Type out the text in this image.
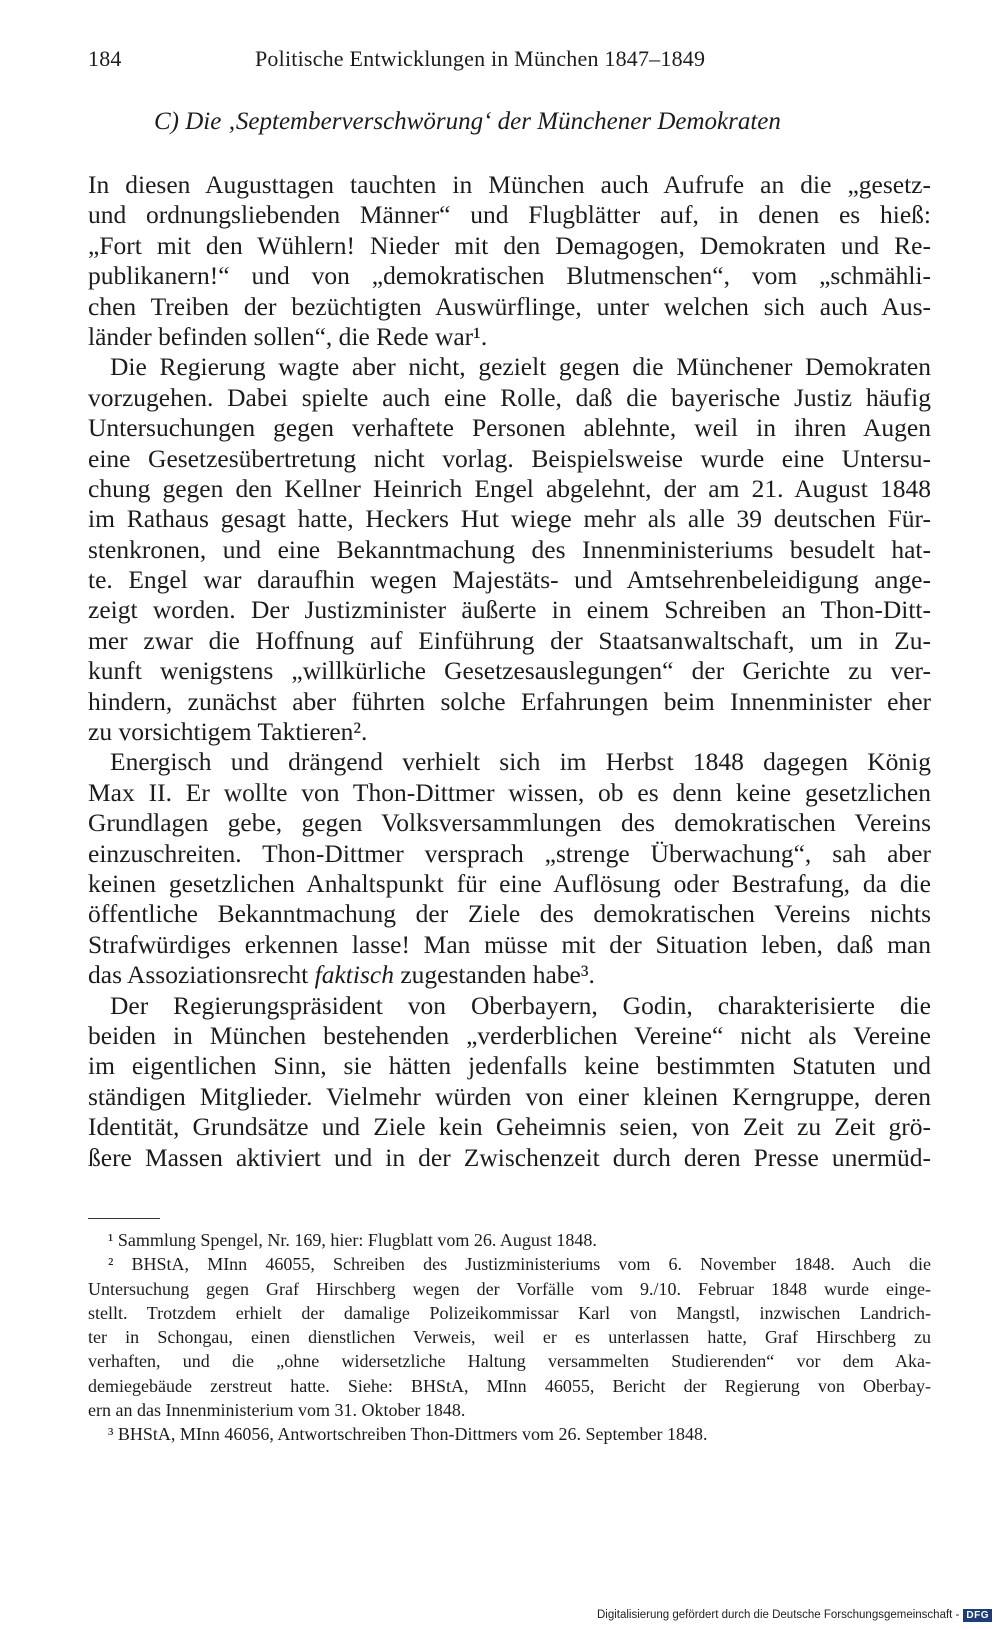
184	Politische Entwicklungen in München 1847–1849
C) Die ‚Septemberverschwörung‘ der Münchener Demokraten
In diesen Augusttagen tauchten in München auch Aufrufe an die „gesetz-
und ordnungsliebenden Männer“ und Flugblätter auf, in denen es hieß:
„Fort mit den Wühlern! Nieder mit den Demagogen, Demokraten und Re-
publikanern!“ und von „demokratischen Blutmenschen“, vom „schmähli-
chen Treiben der bezüchtigten Auswürflinge, unter welchen sich auch Aus-
länder befinden sollen“, die Rede war¹.
Die Regierung wagte aber nicht, gezielt gegen die Münchener Demokraten
vorzugehen. Dabei spielte auch eine Rolle, daß die bayerische Justiz häufig
Untersuchungen gegen verhaftete Personen ablehnte, weil in ihren Augen
eine Gesetzesübertretung nicht vorlag. Beispielsweise wurde eine Untersu-
chung gegen den Kellner Heinrich Engel abgelehnt, der am 21. August 1848
im Rathaus gesagt hatte, Heckers Hut wiege mehr als alle 39 deutschen Für-
stenkronen, und eine Bekanntmachung des Innenministeriums besudelt hat-
te. Engel war daraufhin wegen Majestäts- und Amtsehrenbeleidigung ange-
zeigt worden. Der Justizminister äußerte in einem Schreiben an Thon-Ditt-
mer zwar die Hoffnung auf Einführung der Staatsanwaltschaft, um in Zu-
kunft wenigstens „willkürliche Gesetzesauslegungen“ der Gerichte zu ver-
hindern, zunächst aber führten solche Erfahrungen beim Innenminister eher
zu vorsichtigem Taktieren².
Energisch und drängend verhielt sich im Herbst 1848 dagegen König
Max II. Er wollte von Thon-Dittmer wissen, ob es denn keine gesetzlichen
Grundlagen gebe, gegen Volksversammlungen des demokratischen Vereins
einzuschreiten. Thon-Dittmer versprach „strenge Überwachung“, sah aber
keinen gesetzlichen Anhaltspunkt für eine Auflösung oder Bestrafung, da die
öffentliche Bekanntmachung der Ziele des demokratischen Vereins nichts
Strafwürdiges erkennen lasse! Man müsse mit der Situation leben, daß man
das Assoziationsrecht faktisch zugestanden habe³.
Der Regierungspräsident von Oberbayern, Godin, charakterisierte die
beiden in München bestehenden „verderblichen Vereine“ nicht als Vereine
im eigentlichen Sinn, sie hätten jedenfalls keine bestimmten Statuten und
ständigen Mitglieder. Vielmehr würden von einer kleinen Kerngruppe, deren
Identität, Grundsätze und Ziele kein Geheimnis seien, von Zeit zu Zeit grö-
ßere Massen aktiviert und in der Zwischenzeit durch deren Presse unermüd-
¹ Sammlung Spengel, Nr. 169, hier: Flugblatt vom 26. August 1848.
² BHStA, MInn 46055, Schreiben des Justizministeriums vom 6. November 1848. Auch die
Untersuchung gegen Graf Hirschberg wegen der Vorfälle vom 9./10. Februar 1848 wurde einge-
stellt. Trotzdem erhielt der damalige Polizeikommissar Karl von Mangstl, inzwischen Landrich-
ter in Schongau, einen dienstlichen Verweis, weil er es unterlassen hatte, Graf Hirschberg zu
verhaften, und die „ohne widersetzliche Haltung versammelten Studierenden“ vor dem Aka-
demiegebäude zerstreut hatte. Siehe: BHStA, MInn 46055, Bericht der Regierung von Oberbay-
ern an das Innenministerium vom 31. Oktober 1848.
³ BHStA, MInn 46056, Antwortschreiben Thon-Dittmers vom 26. September 1848.
Digitalisierung gefördert durch die Deutsche Forschungsgemeinschaft - DFG
